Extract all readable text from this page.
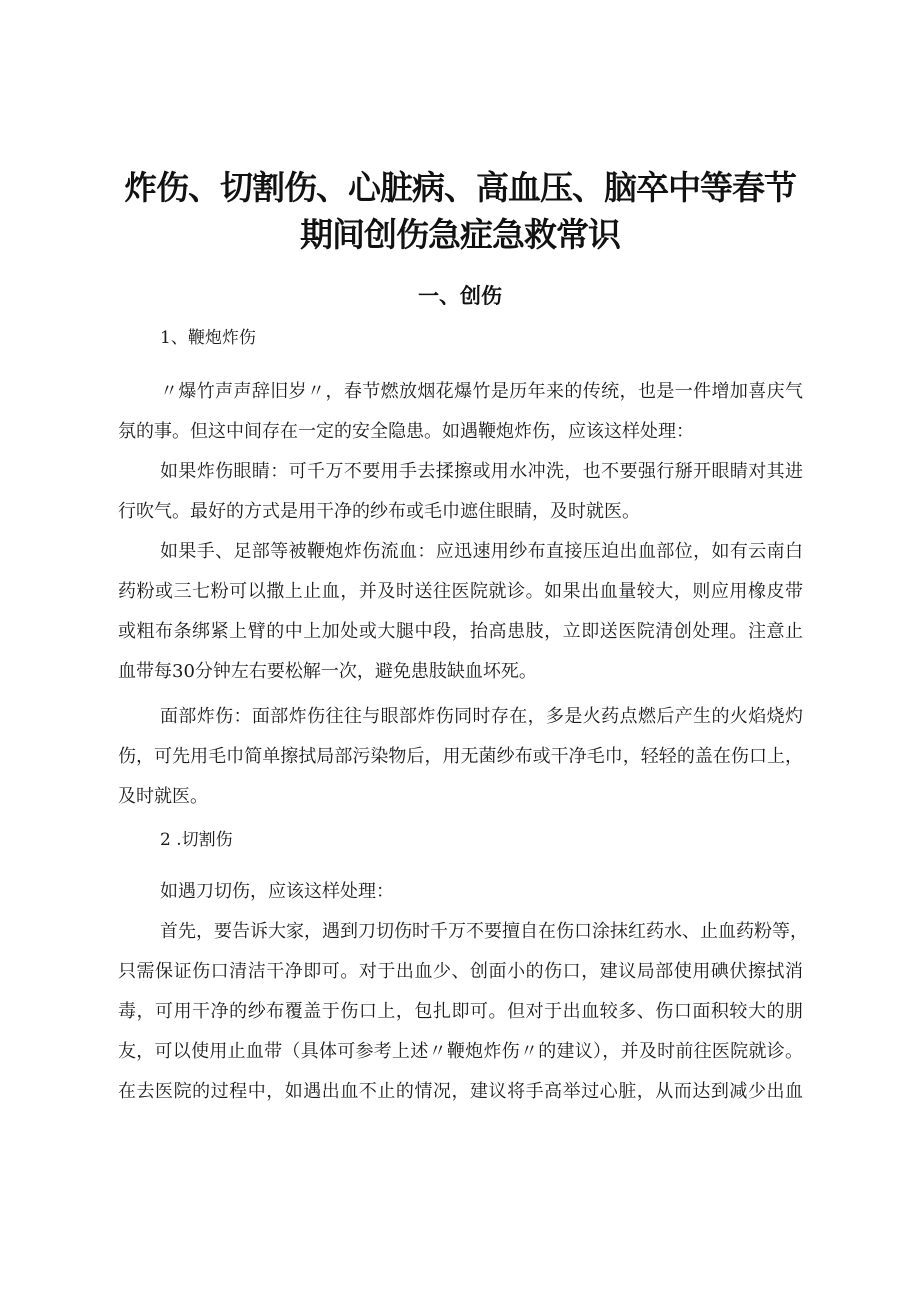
炸伤、切割伤、心脏病、高血压、脑卒中等春节
期间创伤急症急救常识
一、创伤

1、鞭炮炸伤

〃爆竹声声辞旧岁〃，春节燃放烟花爆竹是历年来的传统，也是一件增加喜庆气

氛的事。但这中间存在一定的安全隐患。如遇鞭炮炸伤，应该这样处理：

如果炸伤眼睛：可千万不要用手去揉擦或用水冲洗，也不要强行掰开眼睛对其进

行吹气。最好的方式是用干净的纱布或毛巾遮住眼睛，及时就医。

如果手、足部等被鞭炮炸伤流血：应迅速用纱布直接压迫出血部位，如有云南白

药粉或三七粉可以撒上止血，并及时送往医院就诊。如果出血量较大，则应用橡皮带

或粗布条绑紧上臂的中上加处或大腿中段，抬高患肢，立即送医院清创处理。注意止

血带每30分钟左右要松解一次，避免患肢缺血坏死。

面部炸伤：面部炸伤往往与眼部炸伤同时存在，多是火药点燃后产生的火焰烧灼

伤，可先用毛巾简单擦拭局部污染物后，用无菌纱布或干净毛巾，轻轻的盖在伤口上，

及时就医。

2 .切割伤

如遇刀切伤，应该这样处理：

首先，要告诉大家，遇到刀切伤时千万不要擅自在伤口涂抹红药水、止血药粉等，

只需保证伤口清洁干净即可。对于出血少、创面小的伤口，建议局部使用碘伏擦拭消

毒，可用干净的纱布覆盖于伤口上，包扎即可。但对于出血较多、伤口面积较大的朋

友，可以使用止血带（具体可参考上述〃鞭炮炸伤〃的建议），并及时前往医院就诊。

在去医院的过程中，如遇出血不止的情况，建议将手高举过心脏，从而达到减少出血
